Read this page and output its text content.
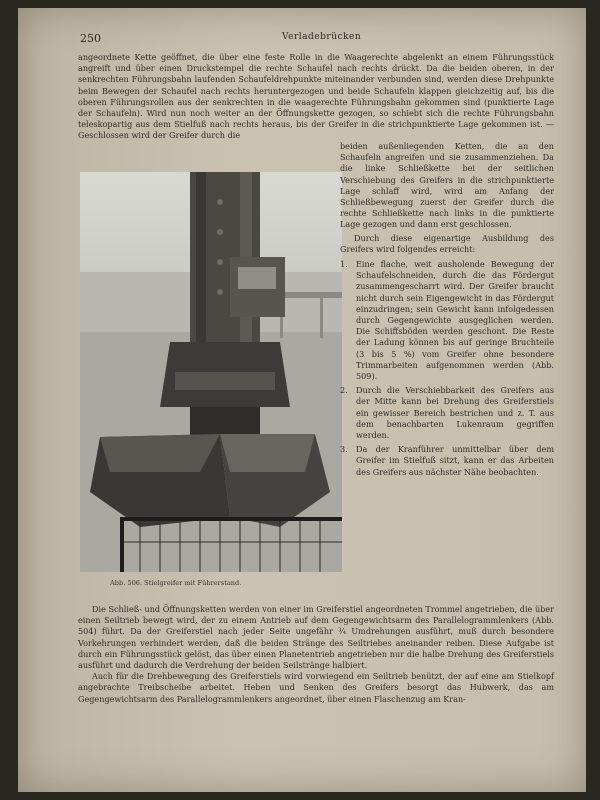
250	Verladebrücken

angeordnete Kette geöffnet, die über eine feste Rolle in die Waagerechte abgelenkt an einem Führungsstück angreift und über einen Druckstempel die rechte Schaufel nach rechts drückt. Da die beiden oberen, in der senkrechten Führungsbahn laufenden Schaufeldrehpunkte miteinander verbunden sind, werden diese Drehpunkte beim Bewegen der Schaufel nach rechts heruntergezogen und beide Schaufeln klappen gleichzeitig auf, bis die oberen Führungsrollen aus der senkrechten in die waagerechte Führungsbahn gekommen sind (punktierte Lage der Schaufeln). Wird nun noch weiter an der Öffnungskette gezogen, so schiebt sich die rechte Führungsbahn teleskopartig aus dem Stielfuß nach rechts heraus, bis der Greifer in die strichpunktierte Lage gekommen ist. — Geschlossen wird der Greifer durch die

Abb. 506. Stielgreifer mit Führerstand.

beiden außenliegenden Ketten, die an den Schaufeln angreifen und sie zusammenziehen. Da die linke Schließkette bei der seitlichen Verschiebung des Greifers in die strichpunktierte Lage schlaff wird, wird am Anfang der Schließbewegung zuerst der Greifer durch die rechte Schließkette nach links in die punktierte Lage gezogen und dann erst geschlossen.

Durch diese eigenartige Ausbildung des Greifers wird folgendes erreicht:

1.	Eine flache, weit ausholende Bewegung der Schaufelschneiden, durch die das Fördergut zusammengescharrt wird. Der Greifer braucht nicht durch sein Eigengewicht in das Fördergut einzudringen; sein Gewicht kann infolgedessen durch Gegengewichte ausgeglichen werden. Die Schiffsböden werden geschont. Die Reste der Ladung können bis auf geringe Bruchteile (3 bis 5 %) vom Greifer ohne besondere Trimmarbeiten aufgenommen werden (Abb. 509).
2.	Durch die Verschiebbarkeit des Greifers aus der Mitte kann bei Drehung des Greiferstiels ein gewisser Bereich bestrichen und z. T. aus dem benachbarten Lukenraum gegriffen werden.
3.	Da der Kranführer unmittelbar über dem Greifer im Stielfuß sitzt, kann er das Arbeiten des Greifers aus nächster Nähe beobachten.

Die Schließ- und Öffnungsketten werden von einer im Greiferstiel angeordneten Trommel angetrieben, die über einen Seiltrieb bewegt wird, der zu einem Antrieb auf dem Gegengewichtsarm des Parallelogrammlenkers (Abb. 504) führt. Da der Greiferstiel nach jeder Seite ungefähr ¾ Umdrehungen ausführt, muß durch besondere Vorkehrungen verhindert werden, daß die beiden Stränge des Seiltriebes aneinander reiben. Diese Aufgabe ist durch ein Führungsstück gelöst, das über einen Planetentrieb angetrieben nur die halbe Drehung des Greiferstiels ausführt und dadurch die Verdrehung der beiden Seilstränge halbiert.

Auch für die Drehbewegung des Greiferstiels wird vorwiegend ein Seiltrieb benützt, der auf eine am Stielkopf angebrachte Treibscheibe arbeitet. Heben und Senken des Greifers besorgt das Hubwerk, das am Gegengewichtsarm des Parallelogrammlenkers angeordnet, über einen Flaschenzug am Kran-
